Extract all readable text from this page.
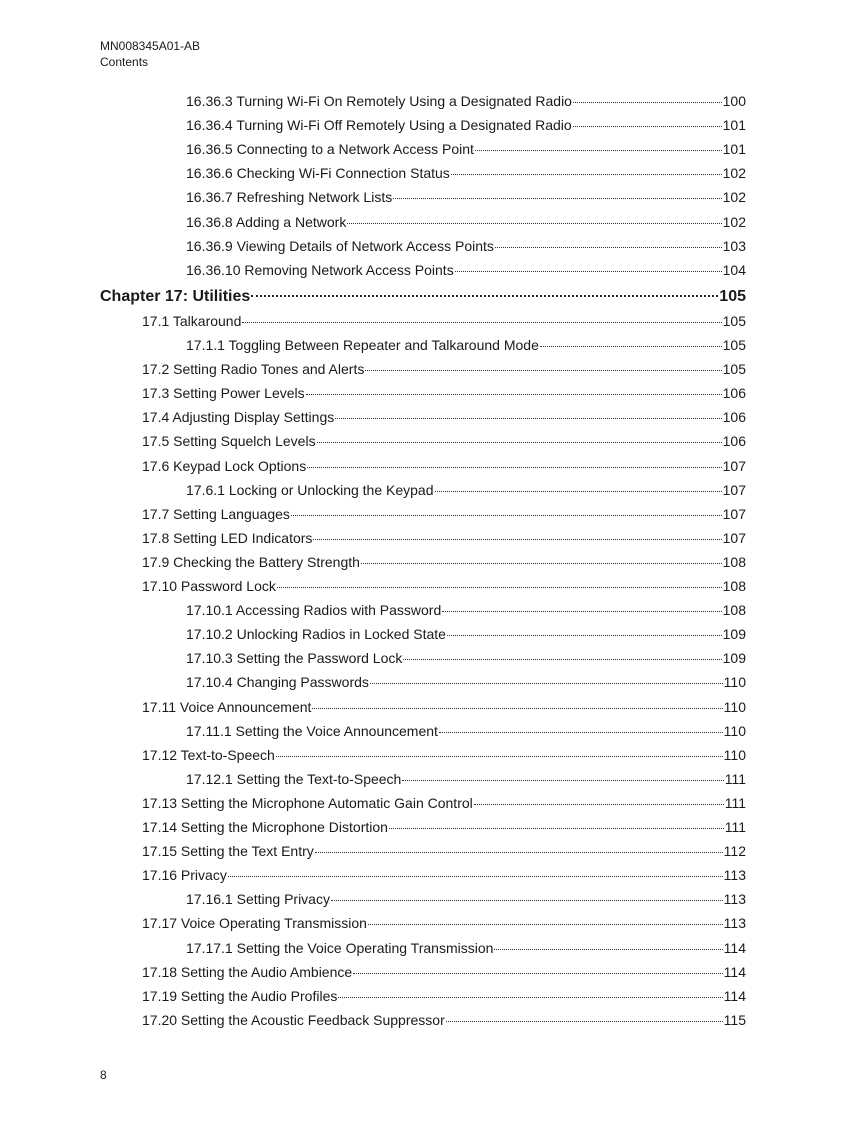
MN008345A01-AB
Contents
16.36.3 Turning Wi-Fi On Remotely Using a Designated Radio	100
16.36.4 Turning Wi-Fi Off Remotely Using a Designated Radio	101
16.36.5 Connecting to a Network Access Point	101
16.36.6 Checking Wi-Fi Connection Status	102
16.36.7 Refreshing Network Lists	102
16.36.8 Adding a Network	102
16.36.9 Viewing Details of Network Access Points	103
16.36.10 Removing Network Access Points	104
Chapter 17: Utilities	105
17.1 Talkaround	105
17.1.1 Toggling Between Repeater and Talkaround Mode	105
17.2 Setting Radio Tones and Alerts	105
17.3 Setting Power Levels	106
17.4 Adjusting Display Settings	106
17.5 Setting Squelch Levels	106
17.6 Keypad Lock Options	107
17.6.1 Locking or Unlocking the Keypad	107
17.7 Setting Languages	107
17.8 Setting LED Indicators	107
17.9 Checking the Battery Strength	108
17.10 Password Lock	108
17.10.1 Accessing Radios with Password	108
17.10.2 Unlocking Radios in Locked State	109
17.10.3 Setting the Password Lock	109
17.10.4 Changing Passwords	110
17.11 Voice Announcement	110
17.11.1 Setting the Voice Announcement	110
17.12 Text-to-Speech	110
17.12.1 Setting the Text-to-Speech	111
17.13 Setting the Microphone Automatic Gain Control	111
17.14 Setting the Microphone Distortion	111
17.15 Setting the Text Entry	112
17.16 Privacy	113
17.16.1 Setting Privacy	113
17.17 Voice Operating Transmission	113
17.17.1 Setting the Voice Operating Transmission	114
17.18 Setting the Audio Ambience	114
17.19 Setting the Audio Profiles	114
17.20 Setting the Acoustic Feedback Suppressor	115
8
